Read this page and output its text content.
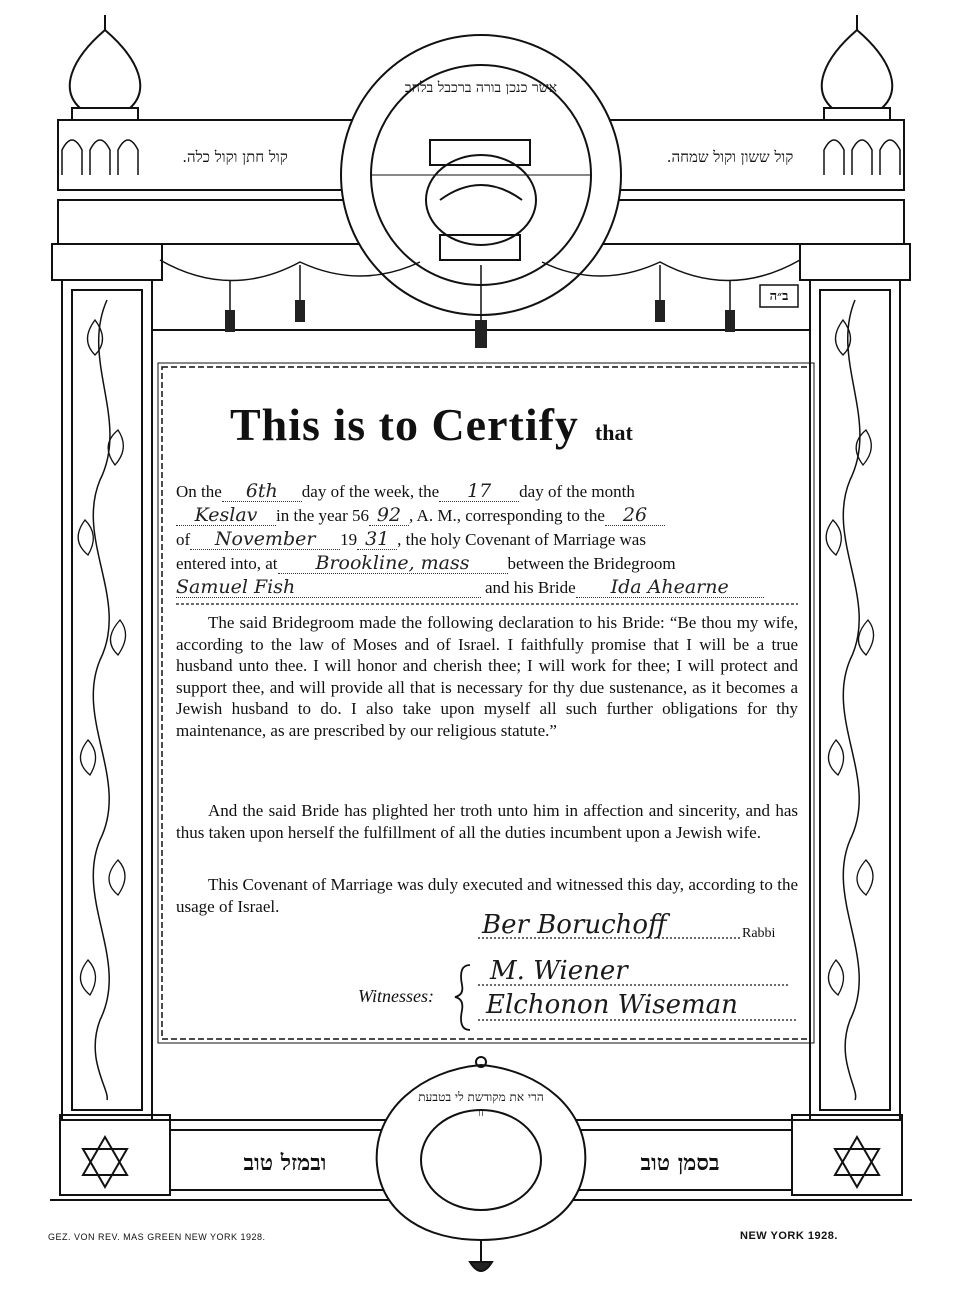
קול חתן וקול כלה.	קול ששון וקול שמחה.
אשר כנכן בורה ברכבל בלחב
ב״ה
This is to Certify that
On the 6th day of the week, the 17 day of the month
Keslav in the year 56 92 , A. M., corresponding to the 26
of November 19 31 , the holy Covenant of Marriage was
entered into, at Brookline, mass between the Bridegroom
Samuel Fish	and his Bride Ida Ahearne
The said Bridegroom made the following declaration to his Bride: “Be thou my wife, according to the law of Moses and of Israel. I faithfully promise that I will be a true husband unto thee. I will honor and cherish thee; I will work for thee; I will protect and support thee, and will provide all that is necessary for thy due sustenance, as it becomes a Jewish husband to do. I also take upon myself all such further obligations for thy maintenance, as are prescribed by our religious statute.”
And the said Bride has plighted her troth unto him in affection and sincerity, and has thus taken upon herself the fulfillment of all the duties incumbent upon a Jewish wife.
This Covenant of Marriage was duly executed and witnessed this day, according to the usage of Israel.
Ber Boruchoff	Rabbi
Witnesses:
M. Wiener
Elchonon Wiseman
ובמזל טוב	בסמן טוב
הרי את מקודשת לי בטבעת זו
GEZ. VON REV. MAS GREEN NEW YORK 1928.	NEW YORK 1928.
